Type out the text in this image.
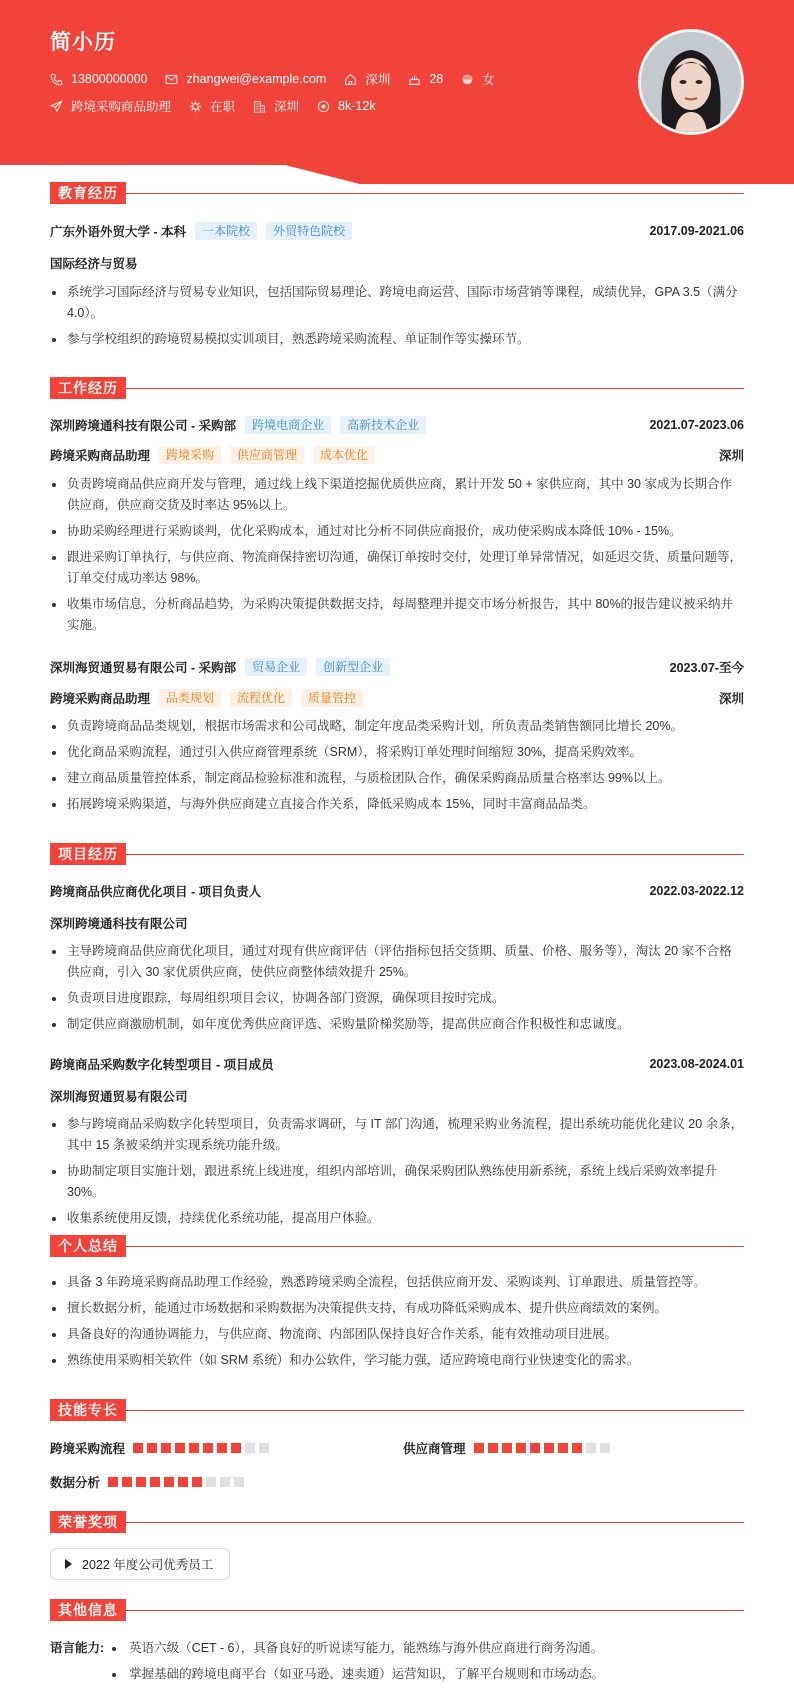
简小历
13800000000	zhangwei@example.com	深圳	28	女
跨境采购商品助理	在职	深圳	8k-12k
教育经历
广东外语外贸大学 - 本科	一本院校	外贸特色院校	2017.09-2021.06
国际经济与贸易
系统学习国际经济与贸易专业知识，包括国际贸易理论、跨境电商运营、国际市场营销等课程，成绩优异，GPA 3.5（满分 4.0）。
参与学校组织的跨境贸易模拟实训项目，熟悉跨境采购流程、单证制作等实操环节。
工作经历
深圳跨境通科技有限公司 - 采购部	跨境电商企业	高新技术企业	2021.07-2023.06
跨境采购商品助理	跨境采购	供应商管理	成本优化	深圳
负责跨境商品供应商开发与管理，通过线上线下渠道挖掘优质供应商，累计开发 50 + 家供应商，其中 30 家成为长期合作供应商，供应商交货及时率达 95%以上。
协助采购经理进行采购谈判，优化采购成本，通过对比分析不同供应商报价，成功使采购成本降低 10% - 15%。
跟进采购订单执行，与供应商、物流商保持密切沟通，确保订单按时交付，处理订单异常情况，如延迟交货、质量问题等，订单交付成功率达 98%。
收集市场信息，分析商品趋势，为采购决策提供数据支持，每周整理并提交市场分析报告，其中 80%的报告建议被采纳并实施。
深圳海贸通贸易有限公司 - 采购部	贸易企业	创新型企业	2023.07-至今
跨境采购商品助理	品类规划	流程优化	质量管控	深圳
负责跨境商品品类规划，根据市场需求和公司战略，制定年度品类采购计划，所负责品类销售额同比增长 20%。
优化商品采购流程，通过引入供应商管理系统（SRM），将采购订单处理时间缩短 30%，提高采购效率。
建立商品质量管控体系，制定商品检验标准和流程，与质检团队合作，确保采购商品质量合格率达 99%以上。
拓展跨境采购渠道，与海外供应商建立直接合作关系，降低采购成本 15%，同时丰富商品品类。
项目经历
跨境商品供应商优化项目 - 项目负责人	2022.03-2022.12
深圳跨境通科技有限公司
主导跨境商品供应商优化项目，通过对现有供应商评估（评估指标包括交货期、质量、价格、服务等），淘汰 20 家不合格供应商，引入 30 家优质供应商，使供应商整体绩效提升 25%。
负责项目进度跟踪，每周组织项目会议，协调各部门资源，确保项目按时完成。
制定供应商激励机制，如年度优秀供应商评选、采购量阶梯奖励等，提高供应商合作积极性和忠诚度。
跨境商品采购数字化转型项目 - 项目成员	2023.08-2024.01
深圳海贸通贸易有限公司
参与跨境商品采购数字化转型项目，负责需求调研，与 IT 部门沟通，梳理采购业务流程，提出系统功能优化建议 20 余条，其中 15 条被采纳并实现系统功能升级。
协助制定项目实施计划，跟进系统上线进度，组织内部培训，确保采购团队熟练使用新系统，系统上线后采购效率提升 30%。
收集系统使用反馈，持续优化系统功能，提高用户体验。
个人总结
具备 3 年跨境采购商品助理工作经验，熟悉跨境采购全流程，包括供应商开发、采购谈判、订单跟进、质量管控等。
擅长数据分析，能通过市场数据和采购数据为决策提供支持，有成功降低采购成本、提升供应商绩效的案例。
具备良好的沟通协调能力，与供应商、物流商、内部团队保持良好合作关系，能有效推动项目进展。
熟练使用采购相关软件（如 SRM 系统）和办公软件，学习能力强，适应跨境电商行业快速变化的需求。
技能专长
跨境采购流程	供应商管理
数据分析
荣誉奖项
2022 年度公司优秀员工
其他信息
语言能力:	英语六级（CET - 6），具备良好的听说读写能力，能熟练与海外供应商进行商务沟通。
掌握基础的跨境电商平台（如亚马逊、速卖通）运营知识，了解平台规则和市场动态。
